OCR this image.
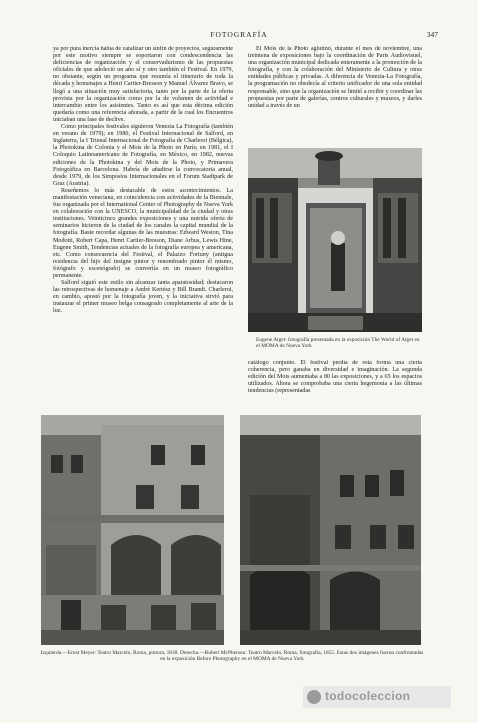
FOTOGRAFÍA	347

ya por pura inercia había de catalizar un sinfín de proyectos, seguramente por este motivo siempre se soportaron con condescendencia las deficiencias de organización y el conservadurismo de las propuestas oficiales de que adoleció un año sí y otro también el Festival. En 1979, no obstante, según un programa que resumía el itinerario de toda la década y homenajes a Henri Cartier-Bresson y Manuel Álvarez Bravo, se llegó a una situación muy satisfactoria, tanto por la parte de la oferta provista por la organización como por la de volumen de actividad e intercambio entre los asistentes. Tanto es así que esta décima edición quedaría como una referencia añorada, a partir de la cual los Encuentros iniciaban una fase de declive.

Como principales festivales siguieron Venezia La Fotografía (también en verano de 1979); en 1980, el Festival Internacional de Salford, en Inglaterra, la I Trienal Internacional de Fotografía de Charleroi (Bélgica), la Photokina de Colonia y el Mois de la Photo en París; en 1981, el I Coloquio Latinoamericano de Fotografía, en México, en 1982, nuevas ediciones de la Photokina y del Mois de la Photo, y Primavera Fotográfica en Barcelona. Habría de añadirse la convocatoria anual, desde 1979, de los Simposios Internacionales en el Forum Stadtpark de Graz (Austria).

Reseñemos lo más destacable de estos acontecimientos. La manifestación veneciana, en coincidencia con actividades de la Biennale, fue organizada por el International Center of Photography de Nueva York en colaboración con la UNESCO, la municipalidad de la ciudad y otras instituciones. Veinticinco grandes exposiciones y una nutrida oferta de seminarios hicieron de la ciudad de los canales la capital mundial de la fotografía. Baste recordar algunas de las muestras: Edward Weston, Tina Modotti, Robert Capa, Henri Cartier-Bresson, Diane Arbus, Lewis Hine, Eugene Smith, Tendencias actuales de la fotografía europea y americana, etc. Como consecuencia del Festival, el Palazzo Fortuny (antigua residencia del hijo del insigne pintor y renombrado pintor él mismo, fotógrafo y escenógrafo) se convertía en un museo fotográfico permanente.

Salford siguió este estilo sin alcanzar tanta aparatosidad; destacaron las retrospectivas de homenaje a André Kertész y Bill Brandt. Charleroi, en cambio, apostó por la fotografía joven, y la iniciativa sirvió para instaurar el primer museo belga consagrado completamente al arte de la luz.

El Mois de la Photo aglutinó, durante el mes de noviembre, una treintena de exposiciones bajo la coordinación de Paris Audiovisuel, una organización municipal dedicada enteramente a la promoción de la fotografía, y con la colaboración del Ministerio de Cultura y otras entidades públicas y privadas. A diferencia de Venezia-La Fotografía, la programación no obedecía al criterio unificador de una sola entidad responsable, sino que la organización se limitó a recibir y coordinar las propuestas por parte de galerías, centros culturales y museos, y darles unidad a través de un

Eugene Atget: fotografía presentada en la exposición The World of Atget en el MOMA de Nueva York

catálogo conjunto. El festival perdía de esta forma una cierta coherencia, pero ganaba en diversidad e imaginación. La segunda edición del Mois aumentaba a 80 las exposiciones, y a 65 los espacios utilizados. Ahora se comprobaba una cierta hegemonía a las últimas tendencias (representadas

Izquierda.—Ernst Meyer: Teatro Marcelo, Roma, pintura, 1830. Derecha.—Robert McPherson: Teatro Marcelo, Roma, fotografía, 1855. Estas dos imágenes fueron confrontadas en la exposición Before Photography en el MOMA de Nueva York
todocoleccion
